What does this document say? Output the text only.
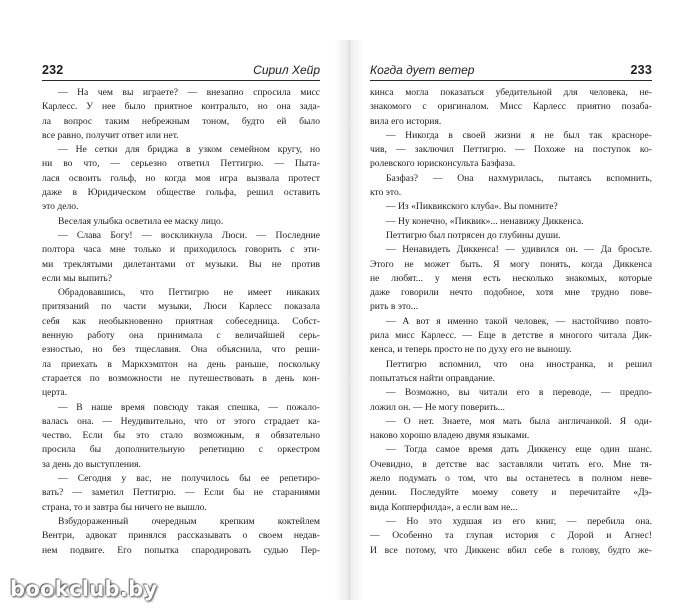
232	Сирил Хейр
— На чем вы играете? — внезапно спросила мисс
Карлесс. У нее было приятное контральто, но она зада-
ла вопрос таким небрежным тоном, будто ей было
все равно, получит ответ или нет.
— Не сетки для бриджа в узком семейном кругу, но
ни во что, — серьезно ответил Петтигрю. — Пыта-
лася освоить гольф, но когда моя игра вызвала протест
даже в Юридическом обществе гольфа, решил оставить
это дело.
Веселая улыбка осветила ее маску лицо.
— Слава Богу! — воскликнула Люси. — Последние
полтора часа мне только и приходилось говорить с эти-
ми треклятыми дилетантами от музыки. Вы не против
если мы выпить?
Обрадовавшись, что Петтигрю не имеет никаких
притязаний по части музыки, Люси Карлесс показала
себя как необыкновенно приятная собеседница. Собст-
венную работу она принимала с величайшей серь-
езностью, но без тщеславия. Она объяснила, что реши-
ла приехать в Маркхэмптон на день раньше, поскольку
старается по возможности не путешествовать в день кон-
церта.
— В наше время повсюду такая спешка, — пожало-
валась она. — Неудивительно, что от этого страдает ка-
чество. Если бы это стало возможным, я обязательно
просила бы дополнительную репетицию с оркестром
за день до выступления.
— Сегодня у вас, не получилось бы ее репетиро-
вать? — заметил Петтигрю. — Если бы не стараниями
страна, то и завтра бы ничего не вышло.
Взбудораженный очередным крепким коктейлем
Вентри, адвокат принялся рассказывать о своем недав-
нем подвиге. Его попытка спародировать судью Пер-
Когда дует ветер	233
кинса могла показаться убедительной для человека, не-
знакомого с оригиналом. Мисс Карлесс приятно позаба-
вила его история.
— Никогда в своей жизни я не был так красноре-
чив, — заключил Петтигрю. — Похоже на поступок ко-
ролевского юрисконсульта Базфаза.
Базфаз? — Она нахмурилась, пытаясь вспомнить,
кто это.
— Из «Пиквикского клуба». Вы помните?
— Ну конечно, «Пиквик»... ненавижу Диккенса.
Петтигрю был потрясен до глубины души.
— Ненавидеть Диккенса! — удивился он. — Да бросьте.
Этого не может быть. Я могу понять, когда Диккенса
не любят... у меня есть несколько знакомых, которые
даже говорили нечто подобное, хотя мне трудно пове-
рить в это...
— А вот я именно такой человек, — настойчиво повто-
рила мисс Карлесс. — Еще в детстве я многого читала Дик-
кенса, и теперь просто не по духу его не выношу.
Петтигрю вспомнил, что она иностранка, и решил
попытаться найти оправдание.
— Возможно, вы читали его в переводе, — предпо-
ложил он. — Не могу поверить...
— О нет. Знаете, моя мать была англичанкой. Я оди-
наково хорошо владею двумя языками.
— Тогда самое время дать Диккенсу еще один шанс.
Очевидно, в детстве вас заставляли читать его. Мне тя-
жело подумать о том, что вы останетесь в полном неве-
дении. Последуйте моему совету и перечитайте «Дэ-
вида Копперфилда», а если вам не...
— Но это худшая из его книг, — перебила она.
— Особенно та глупая история с Дорой и Агнес!
И все потому, что Диккенс вбил себе в голову, будто же-
bookclub.by
